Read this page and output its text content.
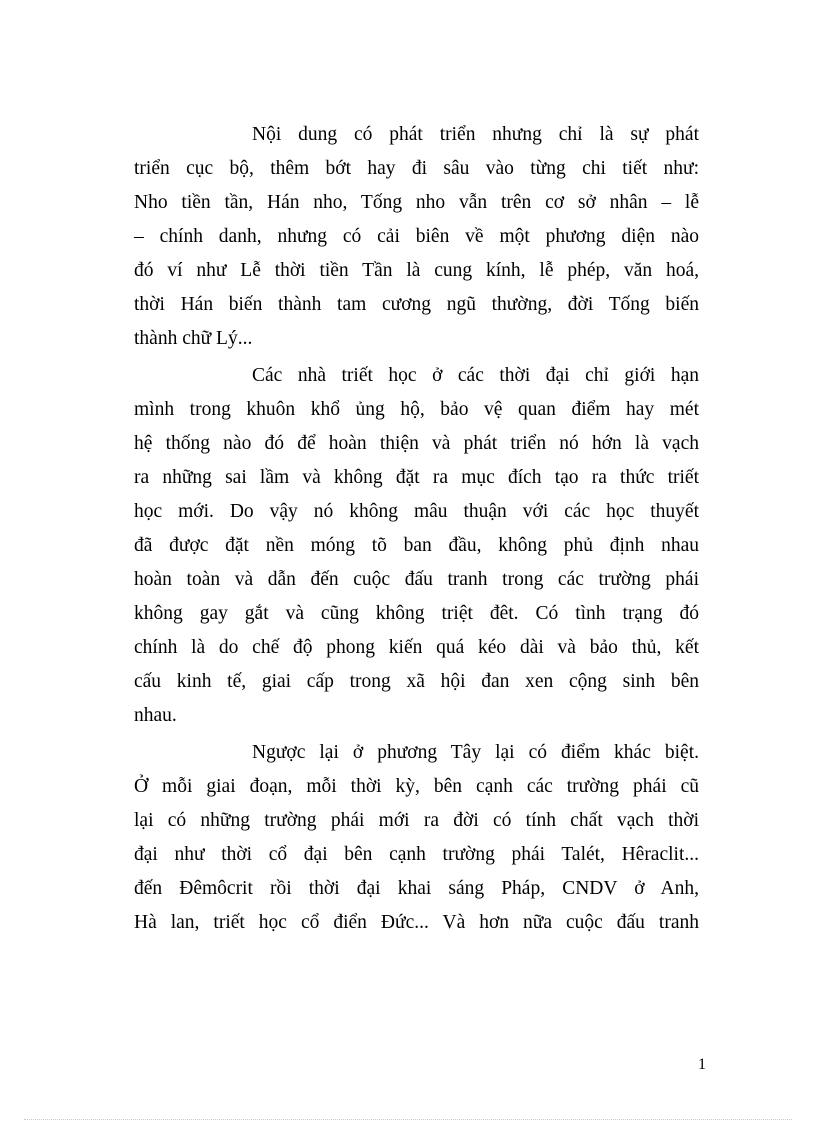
Nội dung có phát triển nhưng chỉ là sự phát
triển cục bộ, thêm bớt hay đi sâu vào từng chi tiết như:
Nho tiền tần, Hán nho, Tống nho vẫn trên cơ sở nhân – lễ
– chính danh, nhưng có cải biên về một phương diện nào
đó ví như Lễ thời tiền Tần là cung kính, lễ phép, văn hoá,
thời Hán biến thành tam cương ngũ thường, đời Tống biến
thành chữ Lý...

Các nhà triết học ở các thời đại chỉ giới hạn
mình trong khuôn khổ ủng hộ, bảo vệ quan điểm hay mét
hệ thống nào đó để hoàn thiện và phát triển nó hớn là vạch
ra những sai lầm và không đặt ra mục đích tạo ra thức triết
học mới. Do vậy nó không mâu thuận với các học thuyết
đã được đặt nền móng tõ ban đầu, không phủ định nhau
hoàn toàn và dẫn đến cuộc đấu tranh trong các trường phái
không gay gắt và cũng không triệt đêt. Có tình trạng đó
chính là do chế độ phong kiến quá kéo dài và bảo thủ, kết
cấu kinh tế, giai cấp trong xã hội đan xen cộng sinh bên
nhau.

Ngược lại ở phương Tây lại có điểm khác biệt.
Ở mỗi giai đoạn, mỗi thời kỳ, bên cạnh các trường phái cũ
lại có những trường phái mới ra đời có tính chất vạch thời
đại như thời cổ đại bên cạnh trường phái Talét, Hêraclit...
đến Đêmôcrit rồi thời đại khai sáng Pháp, CNDV ở Anh,
Hà lan, triết học cổ điển Đức... Và hơn nữa cuộc đấu tranh

1
